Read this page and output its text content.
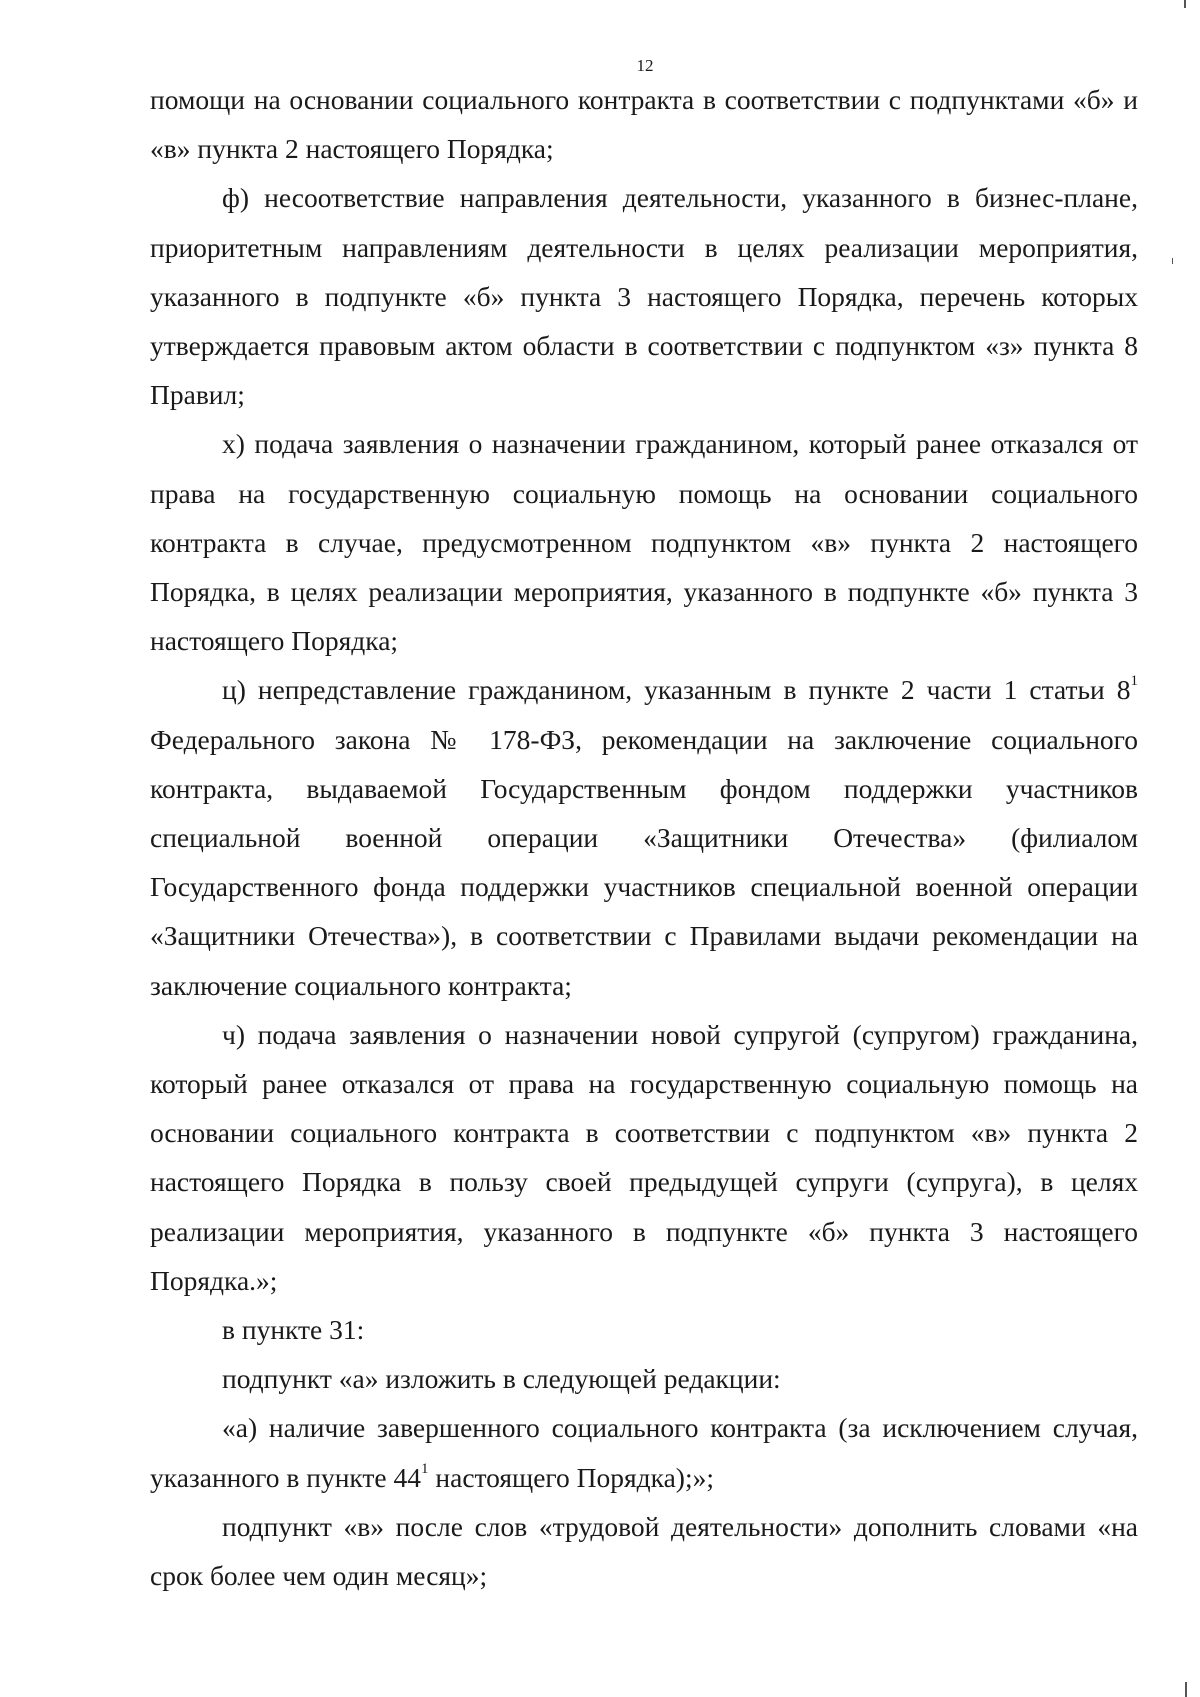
12

помощи на основании социального контракта в соответствии с подпунктами «б» и «в» пункта 2 настоящего Порядка;

ф) несоответствие направления деятельности, указанного в бизнес-плане, приоритетным направлениям деятельности в целях реализации мероприятия, указанного в подпункте «б» пункта 3 настоящего Порядка, перечень которых утверждается правовым актом области в соответствии с подпунктом «з» пункта 8 Правил;

х) подача заявления о назначении гражданином, который ранее отказался от права на государственную социальную помощь на основании социального контракта в случае, предусмотренном подпунктом «в» пункта 2 настоящего Порядка, в целях реализации мероприятия, указанного в подпункте «б» пункта 3 настоящего Порядка;

ц) непредставление гражданином, указанным в пункте 2 части 1 статьи $8^1$ Федерального закона № 178-ФЗ, рекомендации на заключение социального контракта, выдаваемой Государственным фондом поддержки участников специальной военной операции «Защитники Отечества» (филиалом Государственного фонда поддержки участников специальной военной операции «Защитники Отечества»), в соответствии с Правилами выдачи рекомендации на заключение социального контракта;

ч) подача заявления о назначении новой супругой (супругом) гражданина, который ранее отказался от права на государственную социальную помощь на основании социального контракта в соответствии с подпунктом «в» пункта 2 настоящего Порядка в пользу своей предыдущей супруги (супруга), в целях реализации мероприятия, указанного в подпункте «б» пункта 3 настоящего Порядка.»;

в пункте 31:

подпункт «а» изложить в следующей редакции:

«а) наличие завершенного социального контракта (за исключением случая, указанного в пункте $44^1$ настоящего Порядка);»;

подпункт «в» после слов «трудовой деятельности» дополнить словами «на срок более чем один месяц»;
